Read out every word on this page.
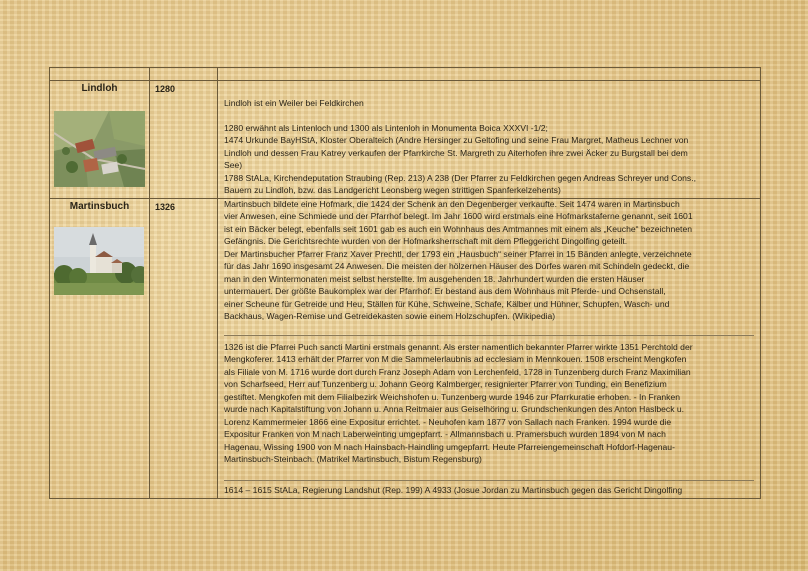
Lindloh	1280
Lindloh ist ein Weiler bei Feldkirchen
1280 erwähnt als Lintenloch und 1300 als Lintenloh in Monumenta Boica XXXVI -1/2;
1474 Urkunde BayHStA, Kloster Oberalteich (Andre Hersinger zu Geltofing und seine Frau Margret, Matheus Lechner von
Lindloh und dessen Frau Katrey verkaufen der Pfarrkirche St. Margreth zu Aiterhofen ihre zwei Äcker zu Burgstall bei dem
See)
1788 StALa, Kirchendeputation Straubing (Rep. 213) A 238 (Der Pfarrer zu Feldkirchen gegen Andreas Schreyer und Cons.,
Bauern zu Lindloh, bzw. das Landgericht Leonsberg wegen strittigen Spanferkelzehents)
Martinsbuch	1326	Martinsbuch bildete eine Hofmark, die 1424 der Schenk an den Degenberger verkaufte. Seit 1474 waren in Martinsbuch
vier Anwesen, eine Schmiede und der Pfarrhof belegt. Im Jahr 1600 wird erstmals eine Hofmarkstaferne genannt, seit 1601
ist ein Bäcker belegt, ebenfalls seit 1601 gab es auch ein Wohnhaus des Amtmannes mit einem als „Keuche“ bezeichneten
Gefängnis. Die Gerichtsrechte wurden von der Hofmarksherrschaft mit dem Pfleggericht Dingolfing geteilt.
Der Martinsbucher Pfarrer Franz Xaver Prechtl, der 1793 ein „Hausbuch“ seiner Pfarrei in 15 Bänden anlegte, verzeichnete
für das Jahr 1690 insgesamt 24 Anwesen. Die meisten der hölzernen Häuser des Dorfes waren mit Schindeln gedeckt, die
man in den Wintermonaten meist selbst herstellte. Im ausgehenden 18. Jahrhundert wurden die ersten Häuser
untermauert. Der größte Baukomplex war der Pfarrhof: Er bestand aus dem Wohnhaus mit Pferde- und Ochsenstall,
einer Scheune für Getreide und Heu, Ställen für Kühe, Schweine, Schafe, Kälber und Hühner, Schupfen, Wasch- und
Backhaus, Wagen-Remise und Getreidekasten sowie einem Holzschupfen. (Wikipedia)
1326 ist die Pfarrei Puch sancti Martini erstmals genannt. Als erster namentlich bekannter Pfarrer wirkte 1351 Perchtold der
Mengkoferer. 1413 erhält der Pfarrer von M die Sammelerlaubnis ad ecclesiam in Mennkouen. 1508 erscheint Mengkofen
als Filiale von M. 1716 wurde dort durch Franz Joseph Adam von Lerchenfeld, 1728 in Tunzenberg durch Franz Maximilian
von Scharfseed, Herr auf Tunzenberg u. Johann Georg Kalmberger, resignierter Pfarrer von Tunding, ein Benefizium
gestiftet. Mengkofen mit dem Filialbezirk Weichshofen u. Tunzenberg wurde 1946 zur Pfarrkuratie erhoben. - In Franken
wurde nach Kapitalstiftung von Johann u. Anna Reitmaier aus Geiselhöring u. Grundschenkungen des Anton Haslbeck u.
Lorenz Kammermeier 1866 eine Expositur errichtet. - Neuhofen kam 1877 von Sallach nach Franken. 1994 wurde die
Expositur Franken von M nach Laberweinting umgepfarrt. - Allmannsbach u. Pramersbuch wurden 1894 von M nach
Hagenau, Wissing 1900 von M nach Hainsbach-Haindling umgepfarrt. Heute Pfarreiengemeinschaft Hofdorf-Hagenau-
Martinsbuch-Steinbach. (Matrikel Martinsbuch, Bistum Regensburg)
1614 – 1615 StALa, Regierung Landshut (Rep. 199) A 4933 (Josue Jordan zu Martinsbuch gegen das Gericht Dingolfing
